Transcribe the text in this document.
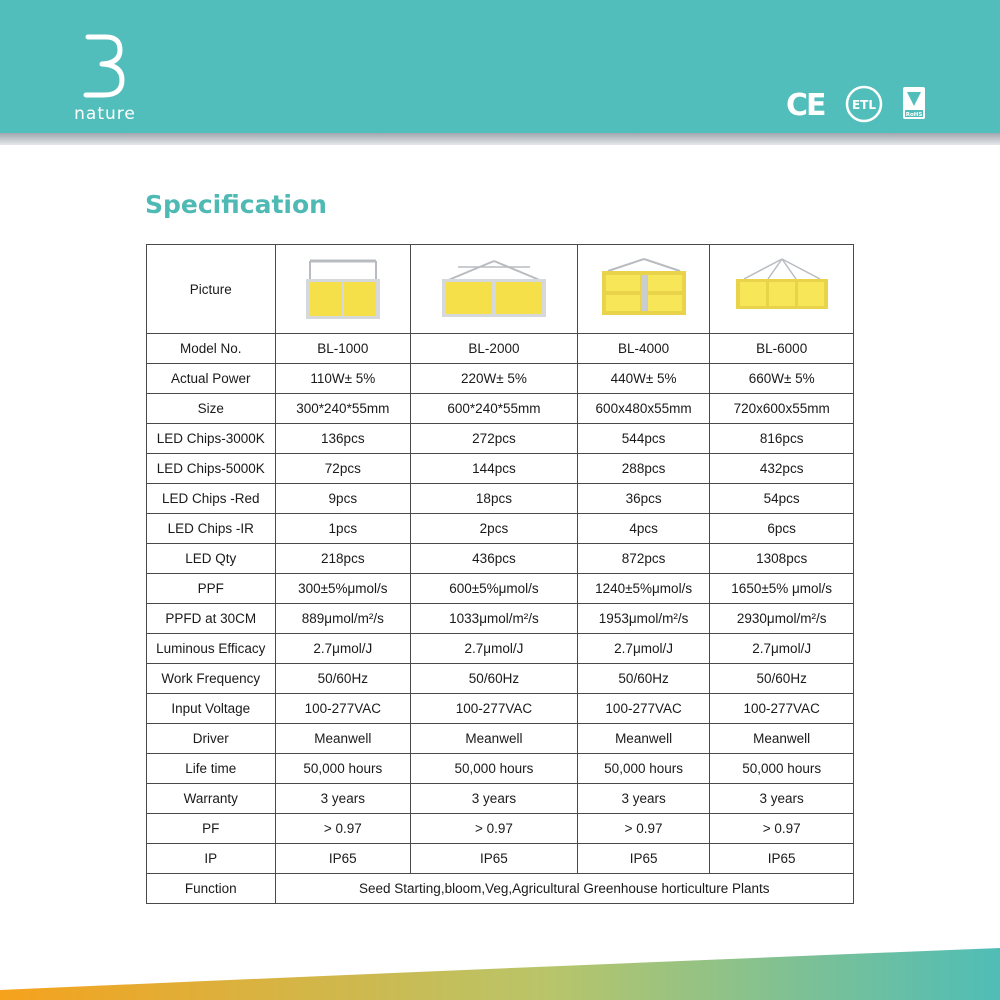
nature	CE ETL
RoHS
Specification
Picture	

Model No.	BL-1000	BL-2000	BL-4000	BL-6000
Actual Power	110W± 5%	220W± 5%	440W± 5%	660W± 5%
Size	300*240*55mm	600*240*55mm	600x480x55mm	720x600x55mm
LED Chips-3000K	136pcs	272pcs	544pcs	816pcs
LED Chips-5000K	72pcs	144pcs	288pcs	432pcs
LED Chips -Red	9pcs	18pcs	36pcs	54pcs
LED Chips -IR	1pcs	2pcs	4pcs	6pcs
LED Qty	218pcs	436pcs	872pcs	1308pcs
PPF	300±5%μmol/s	600±5%μmol/s	1240±5%μmol/s	1650±5% μmol/s
PPFD at 30CM	889μmol/m²/s	1033μmol/m²/s	1953μmol/m²/s	2930μmol/m²/s
Luminous Efficacy	2.7μmol/J	2.7μmol/J	2.7μmol/J	2.7μmol/J
Work Frequency	50/60Hz	50/60Hz	50/60Hz	50/60Hz
Input Voltage	100-277VAC	100-277VAC	100-277VAC	100-277VAC
Driver	Meanwell	Meanwell	Meanwell	Meanwell
Life time	50,000 hours	50,000 hours	50,000 hours	50,000 hours
Warranty	3 years	3 years	3 years	3 years
PF	> 0.97	> 0.97	> 0.97	> 0.97
IP	IP65	IP65	IP65	IP65
Function	Seed Starting,bloom,Veg,Agricultural Greenhouse horticulture Plants			
